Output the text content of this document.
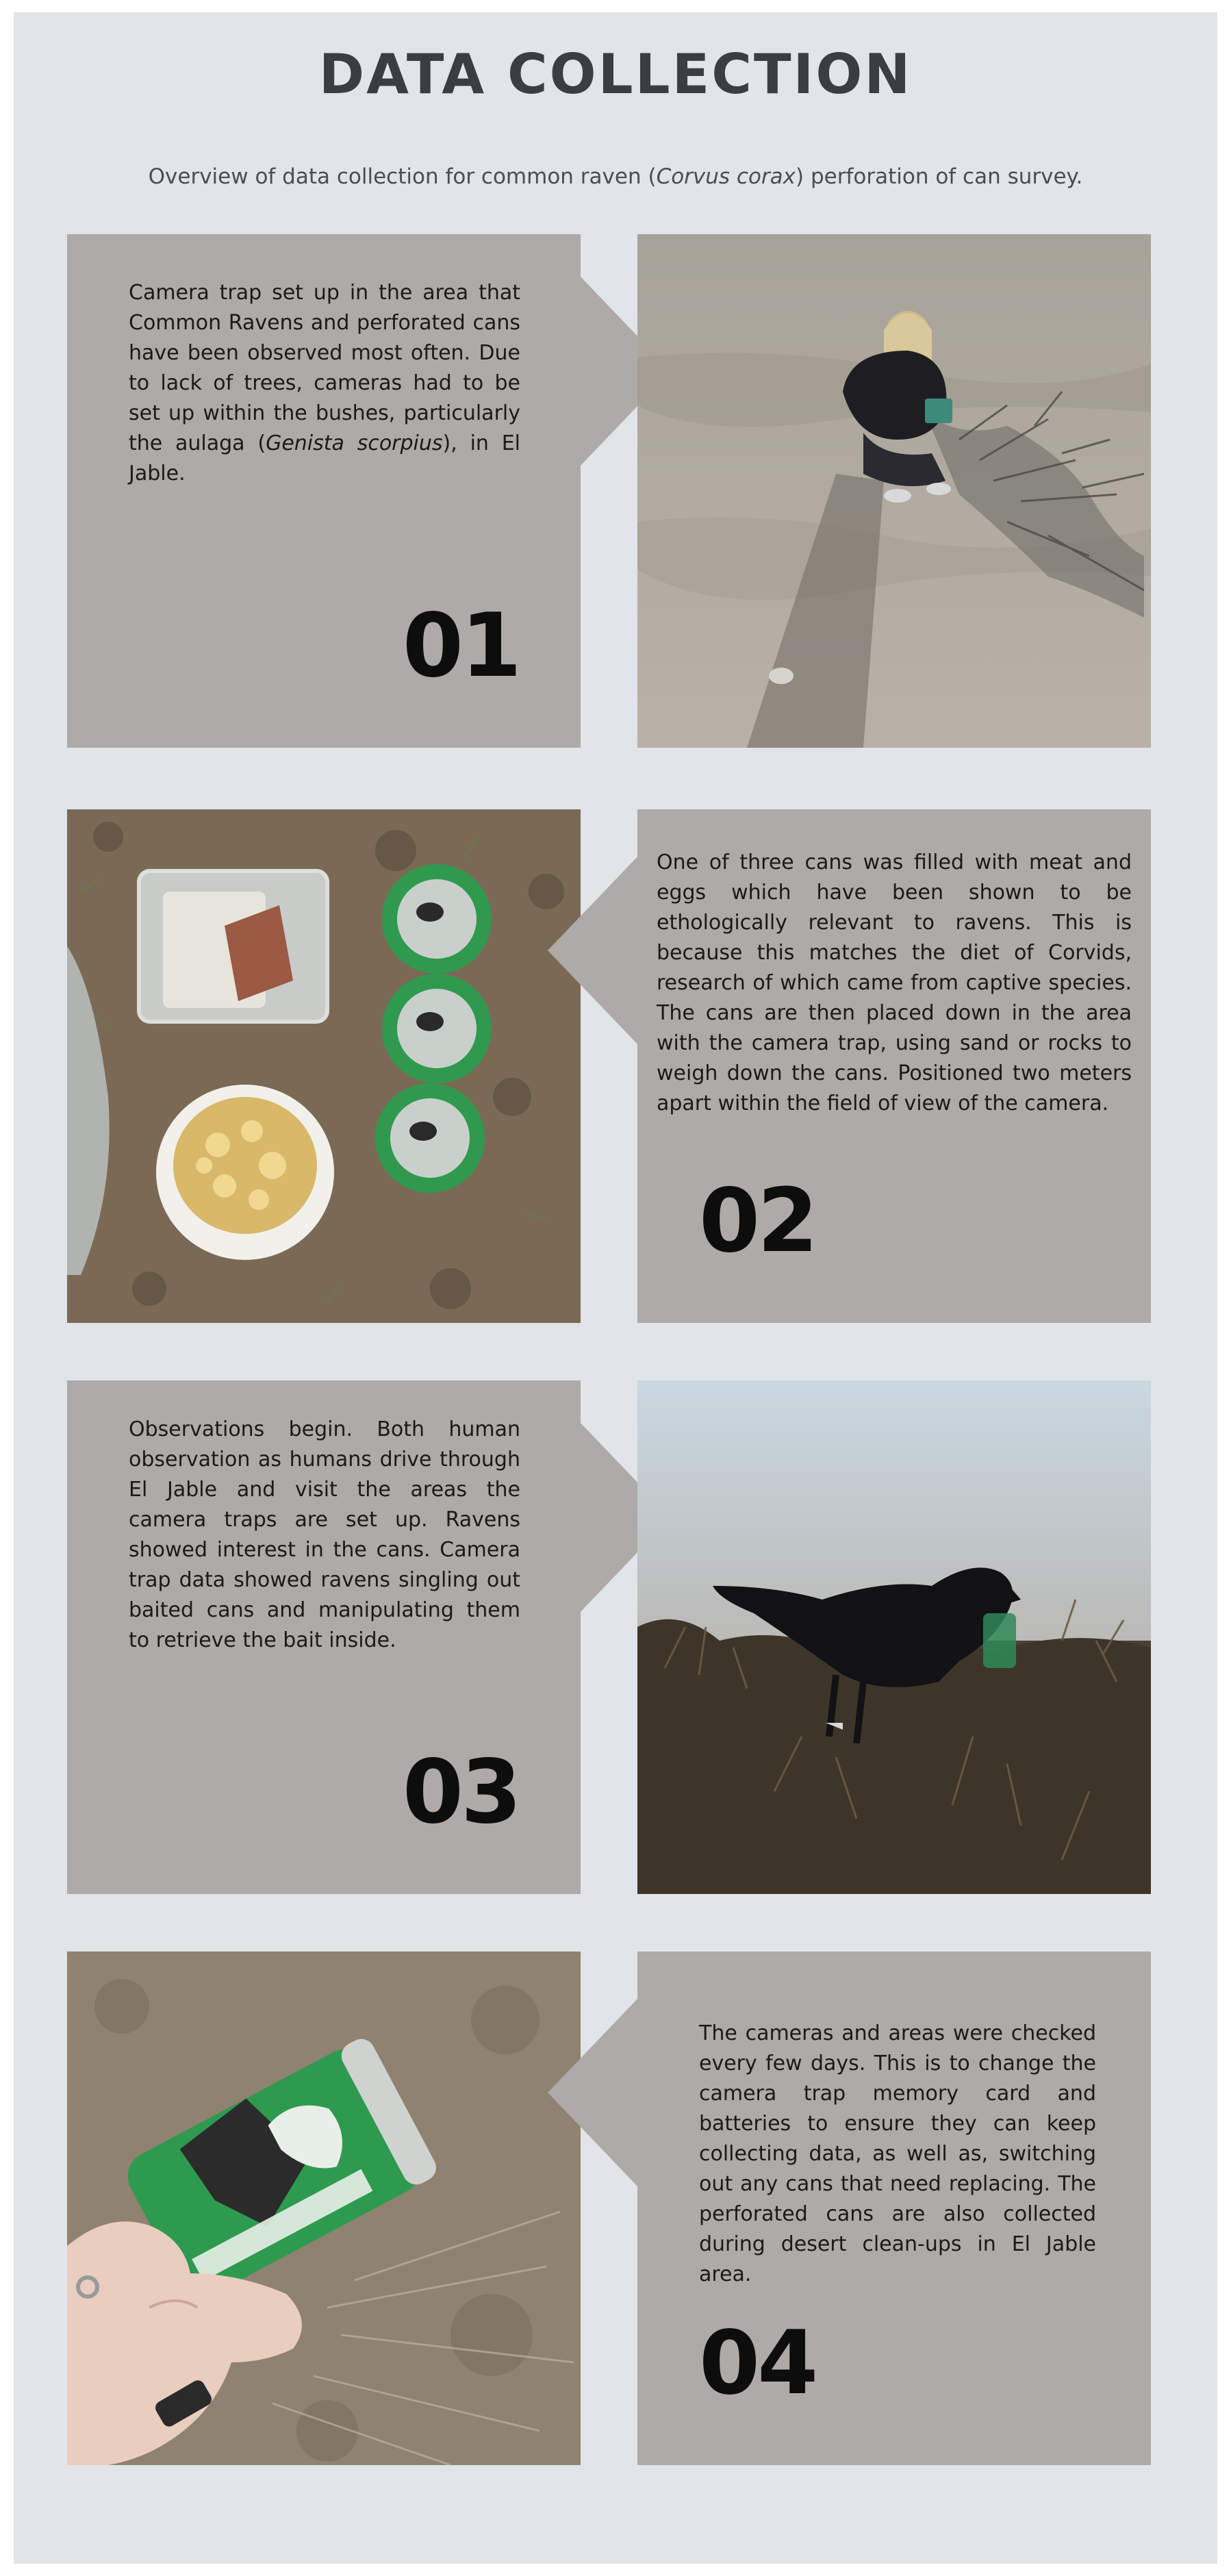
DATA COLLECTION

Overview of data collection for common raven (Corvus corax) perforation of can survey.

Camera trap set up in the area that Common Ravens and perforated cans have been observed most often. Due to lack of trees, cameras had to be set up within the bushes, particularly the aulaga (Genista scorpius), in El Jable.
01
One of three cans was filled with meat and eggs which have been shown to be ethologically relevant to ravens. This is because this matches the diet of Corvids, research of which came from captive species. The cans are then placed down in the area with the camera trap, using sand or rocks to weigh down the cans. Positioned two meters apart within the field of view of the camera.
02
Observations begin. Both human observation as humans drive through El Jable and visit the areas the camera traps are set up. Ravens showed interest in the cans. Camera trap data showed ravens singling out baited cans and manipulating them to retrieve the bait inside.
03
The cameras and areas were checked every few days. This is to change the camera trap memory card and batteries to ensure they can keep collecting data, as well as, switching out any cans that need replacing. The perforated cans are also collected during desert clean-ups in El Jable area.
04
